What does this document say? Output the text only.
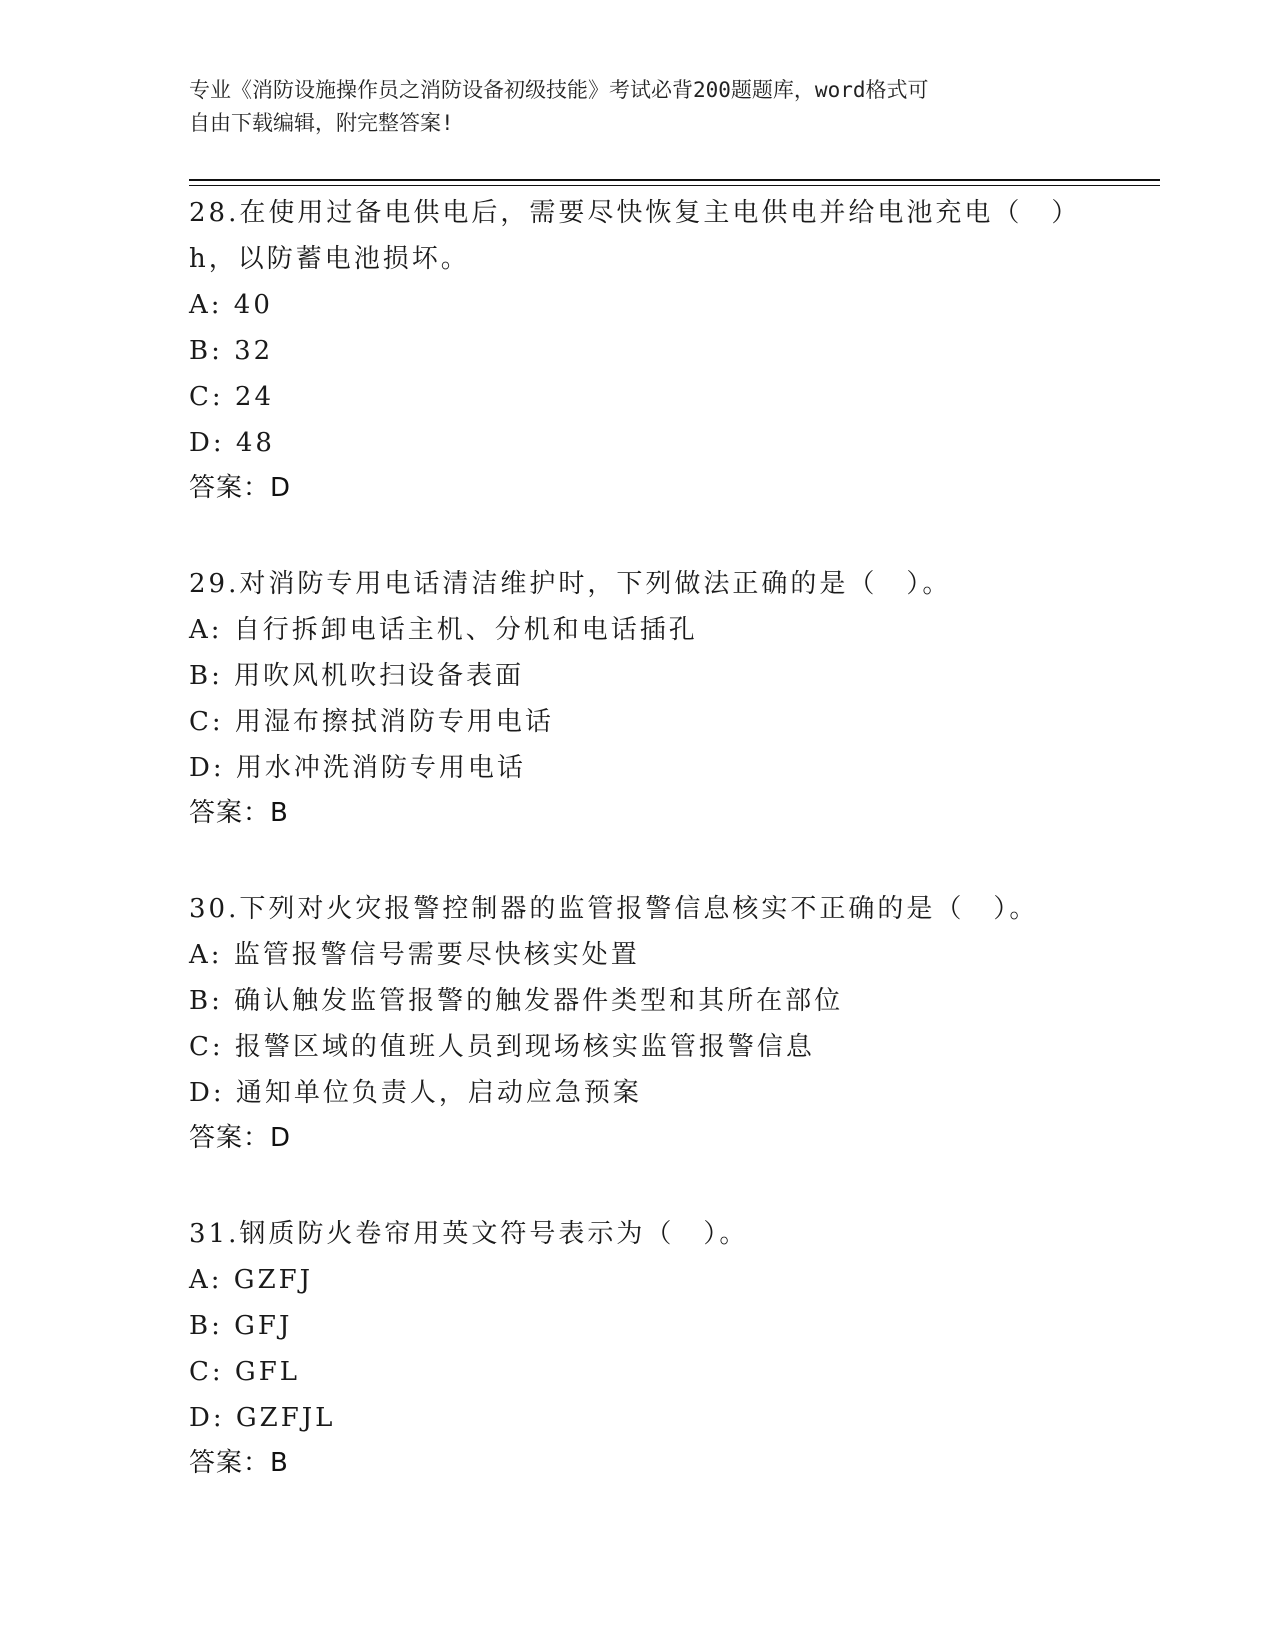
专业《消防设施操作员之消防设备初级技能》考试必背200题题库，word格式可
自由下载编辑，附完整答案!
28.在使用过备电供电后，需要尽快恢复主电供电并给电池充电（　）
h，以防蓄电池损坏。
A: 40
B: 32
C: 24
D: 48
答案：D
29.对消防专用电话清洁维护时，下列做法正确的是（　）。
A: 自行拆卸电话主机、分机和电话插孔
B: 用吹风机吹扫设备表面
C: 用湿布擦拭消防专用电话
D: 用水冲洗消防专用电话
答案：B
30.下列对火灾报警控制器的监管报警信息核实不正确的是（　）。
A: 监管报警信号需要尽快核实处置
B: 确认触发监管报警的触发器件类型和其所在部位
C: 报警区域的值班人员到现场核实监管报警信息
D: 通知单位负责人，启动应急预案
答案：D
31.钢质防火卷帘用英文符号表示为（　）。
A: GZFJ
B: GFJ
C: GFL
D: GZFJL
答案：B
